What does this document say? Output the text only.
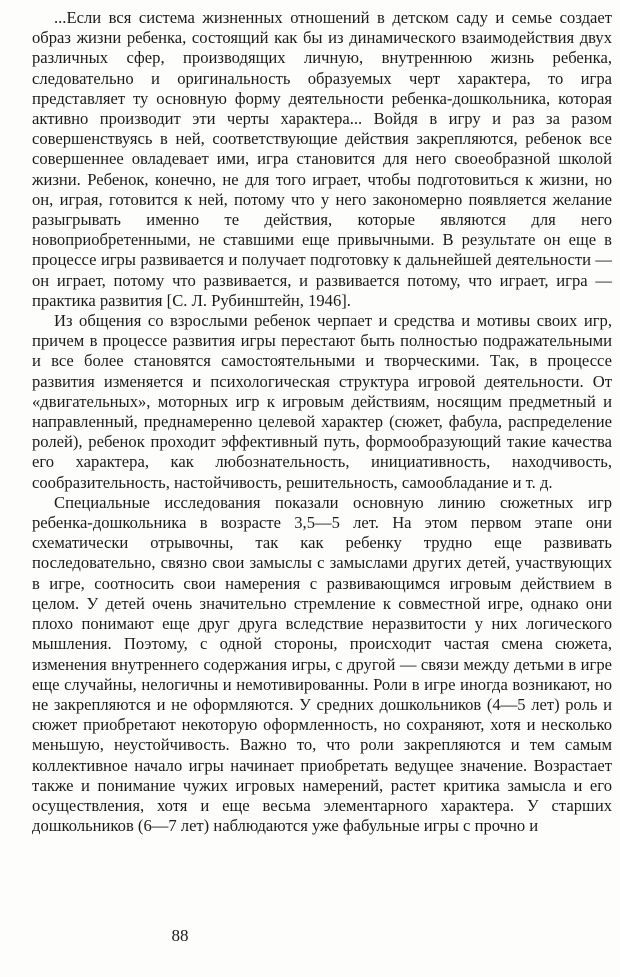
...Если вся система жизненных отношений в детском саду и семье создает образ жизни ребенка, состоящий как бы из динамического взаимодействия двух различных сфер, производящих личную, внутреннюю жизнь ребенка, следовательно и оригинальность образуемых черт характера, то игра представляет ту основную форму деятельности ребенка-дошкольника, которая активно производит эти черты характера... Войдя в игру и раз за разом совершенствуясь в ней, соответствующие действия закрепляются, ребенок все совершеннее овладевает ими, игра становится для него своеобразной школой жизни. Ребенок, конечно, не для того играет, чтобы подготовиться к жизни, но он, играя, готовится к ней, потому что у него закономерно появляется желание разыгрывать именно те действия, которые являются для него новоприобретенными, не ставшими еще привычными. В результате он еще в процессе игры развивается и получает подготовку к дальнейшей деятельности — он играет, потому что развивается, и развивается потому, что играет, игра — практика развития [С. Л. Рубинштейн, 1946].

Из общения со взрослыми ребенок черпает и средства и мотивы своих игр, причем в процессе развития игры перестают быть полностью подражательными и все более становятся самостоятельными и творческими. Так, в процессе развития изменяется и психологическая структура игровой деятельности. От «двигательных», моторных игр к игровым действиям, носящим предметный и направленный, преднамеренно целевой характер (сюжет, фабула, распределение ролей), ребенок проходит эффективный путь, формообразующий такие качества его характера, как любознательность, инициативность, находчивость, сообразительность, настойчивость, решительность, самообладание и т. д.

Специальные исследования показали основную линию сюжетных игр ребенка-дошкольника в возрасте 3,5—5 лет. На этом первом этапе они схематически отрывочны, так как ребенку трудно еще развивать последовательно, связно свои замыслы с замыслами других детей, участвующих в игре, соотносить свои намерения с развивающимся игровым действием в целом. У детей очень значительно стремление к совместной игре, однако они плохо понимают еще друг друга вследствие неразвитости у них логического мышления. Поэтому, с одной стороны, происходит частая смена сюжета, изменения внутреннего содержания игры, с другой — связи между детьми в игре еще случайны, нелогичны и немотивированны. Роли в игре иногда возникают, но не закрепляются и не оформляются. У средних дошкольников (4—5 лет) роль и сюжет приобретают некоторую оформленность, но сохраняют, хотя и несколько меньшую, неустойчивость. Важно то, что роли закрепляются и тем самым коллективное начало игры начинает приобретать ведущее значение. Возрастает также и понимание чужих игровых намерений, растет критика замысла и его осуществления, хотя и еще весьма элементарного характера. У старших дошкольников (6—7 лет) наблюдаются уже фабульные игры с прочно и

88
